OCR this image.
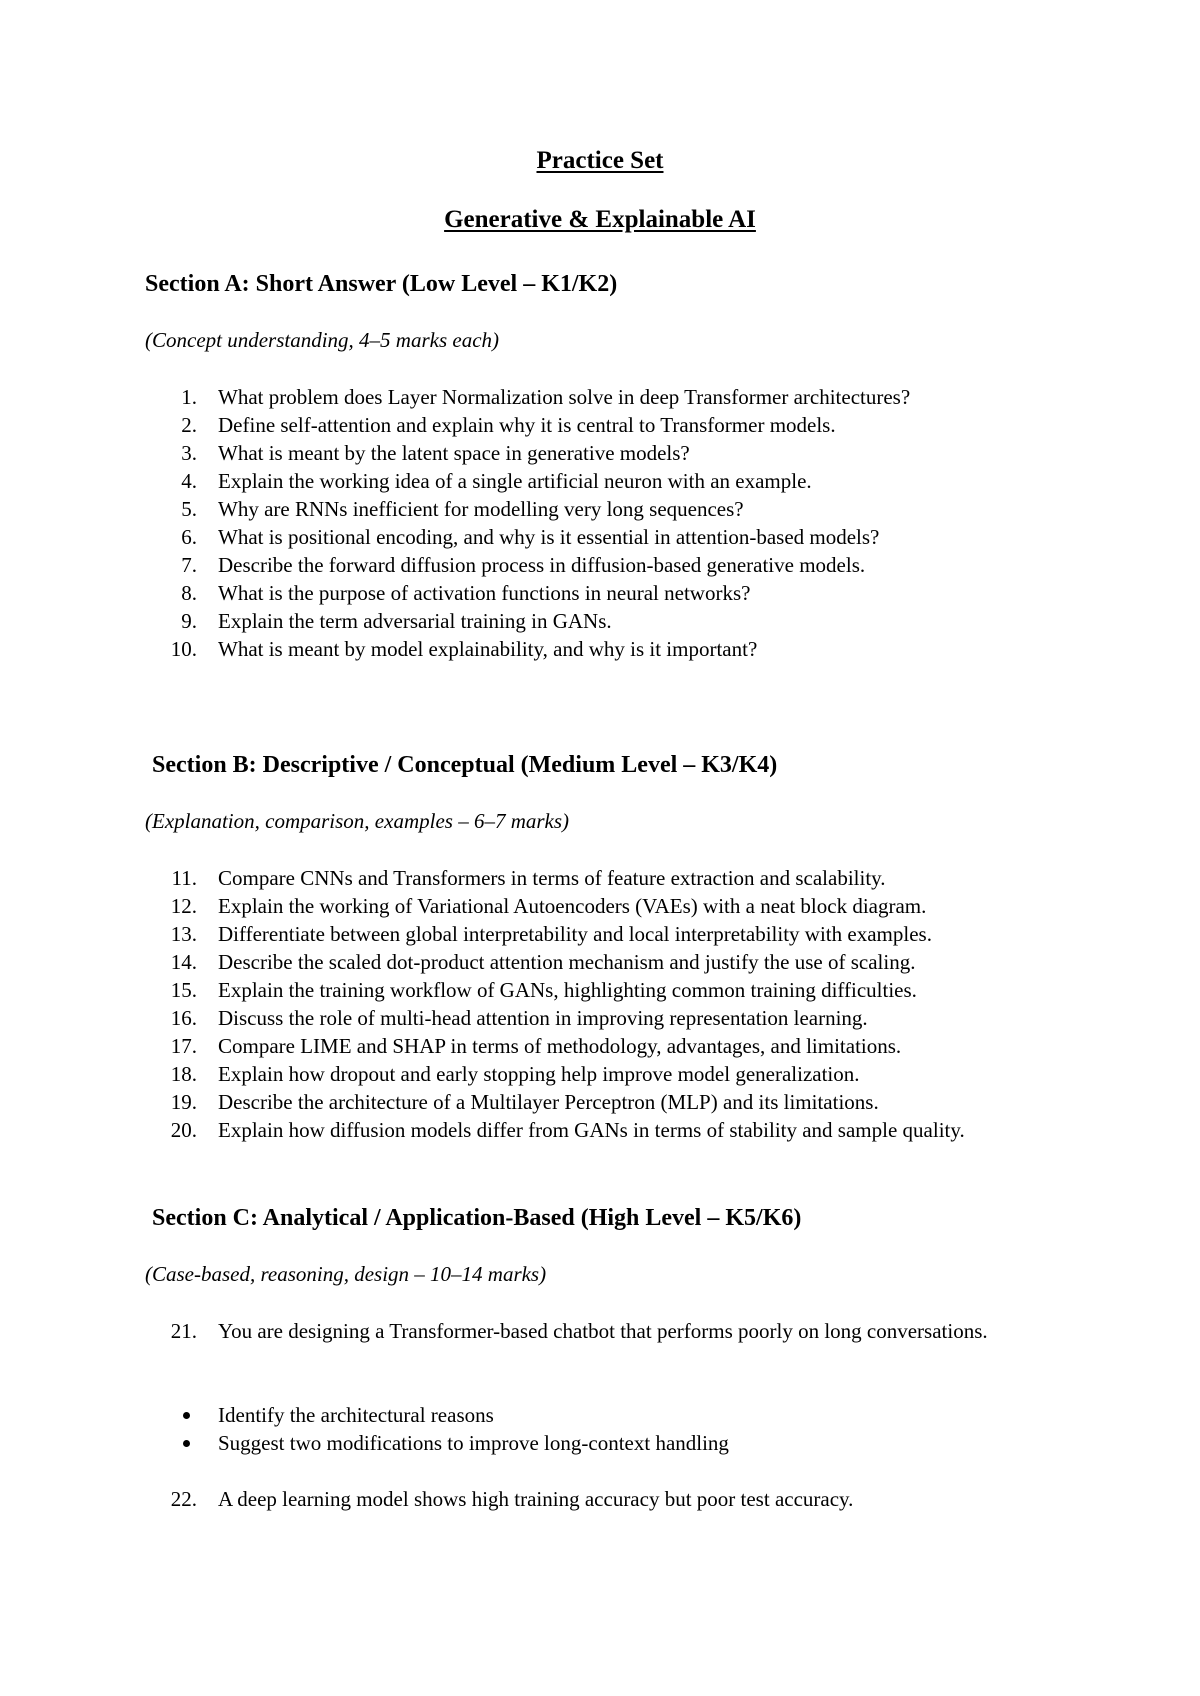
Practice Set
Generative & Explainable AI
Section A: Short Answer (Low Level – K1/K2)
(Concept understanding, 4–5 marks each)
1. What problem does Layer Normalization solve in deep Transformer architectures?
2. Define self-attention and explain why it is central to Transformer models.
3. What is meant by the latent space in generative models?
4. Explain the working idea of a single artificial neuron with an example.
5. Why are RNNs inefficient for modelling very long sequences?
6. What is positional encoding, and why is it essential in attention-based models?
7. Describe the forward diffusion process in diffusion-based generative models.
8. What is the purpose of activation functions in neural networks?
9. Explain the term adversarial training in GANs.
10. What is meant by model explainability, and why is it important?
Section B: Descriptive / Conceptual (Medium Level – K3/K4)
(Explanation, comparison, examples – 6–7 marks)
11. Compare CNNs and Transformers in terms of feature extraction and scalability.
12. Explain the working of Variational Autoencoders (VAEs) with a neat block diagram.
13. Differentiate between global interpretability and local interpretability with examples.
14. Describe the scaled dot-product attention mechanism and justify the use of scaling.
15. Explain the training workflow of GANs, highlighting common training difficulties.
16. Discuss the role of multi-head attention in improving representation learning.
17. Compare LIME and SHAP in terms of methodology, advantages, and limitations.
18. Explain how dropout and early stopping help improve model generalization.
19. Describe the architecture of a Multilayer Perceptron (MLP) and its limitations.
20. Explain how diffusion models differ from GANs in terms of stability and sample quality.
Section C: Analytical / Application-Based (High Level – K5/K6)
(Case-based, reasoning, design – 10–14 marks)
21. You are designing a Transformer-based chatbot that performs poorly on long conversations.
Identify the architectural reasons
Suggest two modifications to improve long-context handling
22. A deep learning model shows high training accuracy but poor test accuracy.
